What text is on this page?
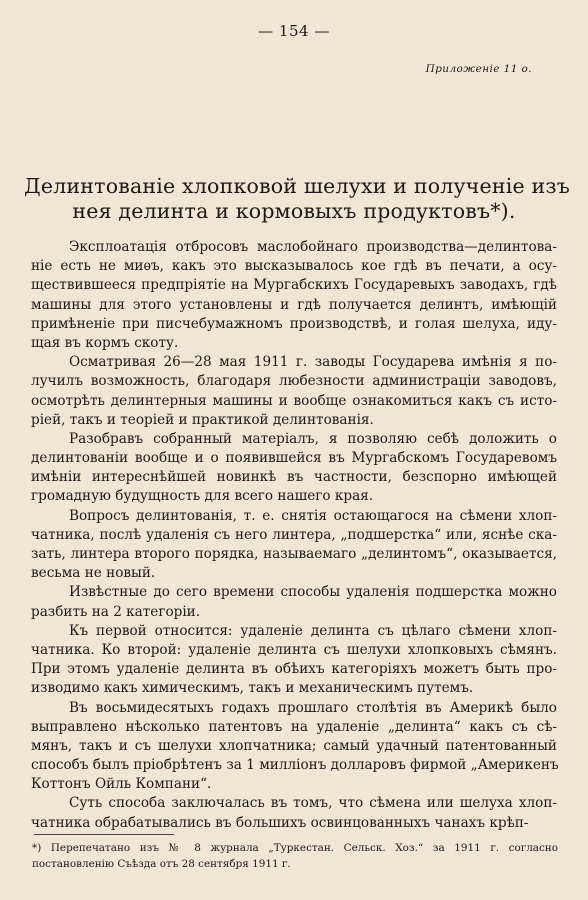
— 154 —
Приложенiе 11 о.
Делинтованiе хлопковой шелухи и полученiе изъ
нея делинта и кормовыхъ продуктовъ*).

Эксплоатацiя отбросовъ маслобойнаго производства—делинтова-
нiе есть не миѳъ, какъ это высказывалось кое гдѣ въ печати, а осу-
ществившееся предпрiятiе на Мургабскихъ Государевыхъ заводахъ, гдѣ
машины для этого установлены и гдѣ получается делинтъ, имѣющiй
примѣненiе при писчебумажномъ производствѣ, и голая шелуха, иду-
щая въ кормъ скоту.

Осматривая 26—28 мая 1911 г. заводы Государева имѣнiя я по-
лучилъ возможность, благодаря любезности администрацiи заводовъ,
осмотрѣть делинтерныя машины и вообще ознакомиться какъ съ исто-
рiей, такъ и теорiей и практикой делинтованiя.

Разобравъ собранный матерiалъ, я позволяю себѣ доложить о
делинтованiи вообще и о появившейся въ Мургабскомъ Государевомъ
имѣнiи интереснѣйшей новинкѣ въ частности, безспорно имѣющей
громадную будущность для всего нашего края.

Вопросъ делинтованiя, т. е. снятiя остающагося на сѣмени хлоп-
чатника, послѣ удаленiя съ него линтера, „подшерстка“ или, яснѣе ска-
зать, линтера второго порядка, называемаго „делинтомъ“, оказывается,
весьма не новый.

Извѣстные до сего времени способы удаленiя подшерстка можно
разбить на 2 категорiи.

Къ первой относится: удаленiе делинта съ цѣлаго сѣмени хлоп-
чатника. Ко второй: удаленiе делинта съ шелухи хлопковыхъ сѣмянъ.
При этомъ удаленiе делинта въ обѣихъ категорiяхъ можетъ быть про-
изводимо какъ химическимъ, такъ и механическимъ путемъ.

Въ восьмидесятыхъ годахъ прошлаго столѣтiя въ Америкѣ было
выправлено нѣсколько патентовъ на удаленiе „делинта“ какъ съ сѣ-
мянъ, такъ и съ шелухи хлопчатника; самый удачный патентованный
способъ былъ прiобрѣтенъ за 1 миллiонъ долларовъ фирмой „Америкенъ
Коттонъ Ойль Компани“.

Суть способа заключалась въ томъ, что сѣмена или шелуха хлоп-
чатника обрабатывались въ большихъ освинцованныхъ чанахъ крѣп-

*) Перепечатано изъ № 8 журнала „Туркестан. Сельск. Хоз.“ за 1911 г. согласно
постановленiю Съѣзда отъ 28 сентября 1911 г.
